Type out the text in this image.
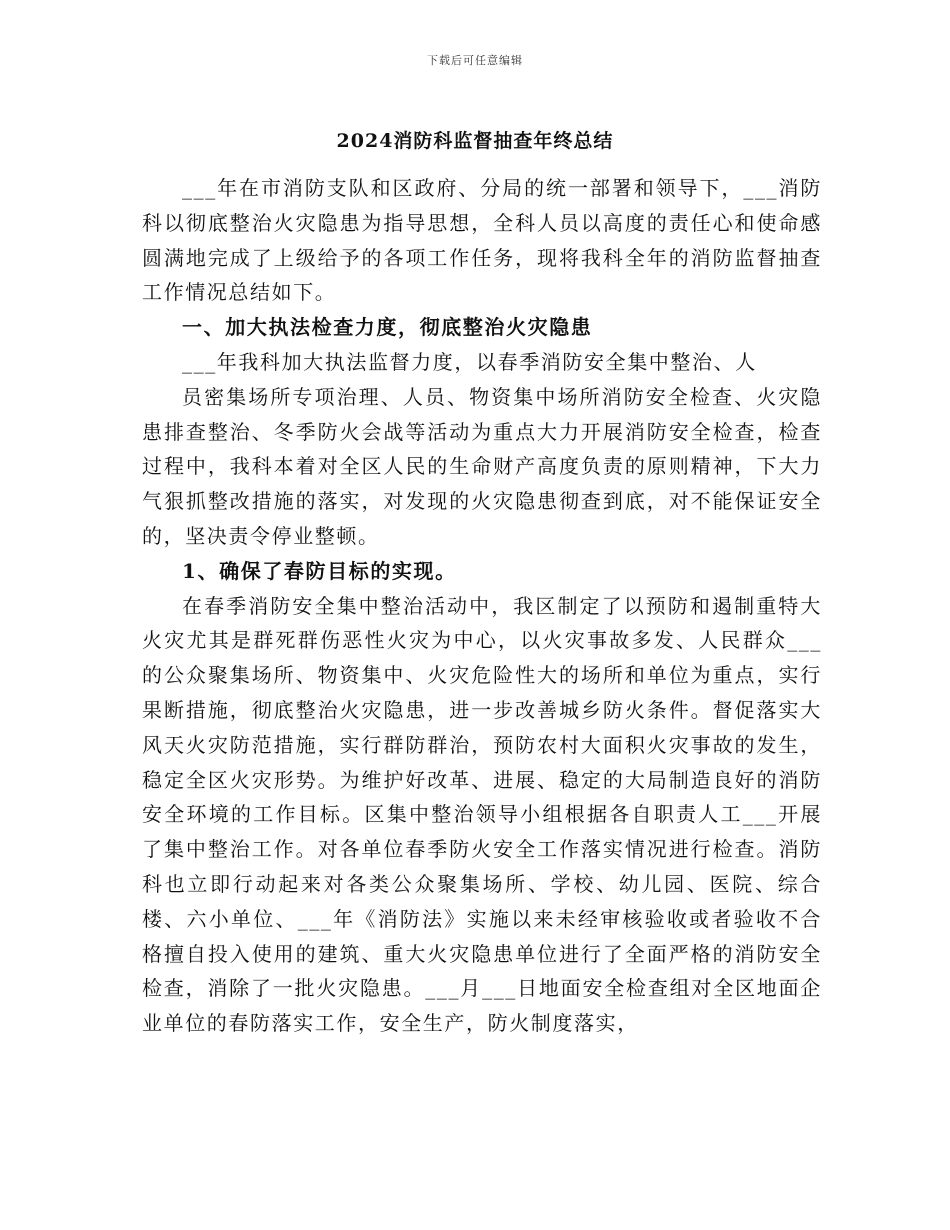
下载后可任意编辑
2024消防科监督抽查年终总结

___年在市消防支队和区政府、分局的统一部署和领导下，___消防科以彻底整治火灾隐患为指导思想，全科人员以高度的责任心和使命感圆满地完成了上级给予的各项工作任务，现将我科全年的消防监督抽查工作情况总结如下。

一、加大执法检查力度，彻底整治火灾隐患

___年我科加大执法监督力度，以春季消防安全集中整治、人

员密集场所专项治理、人员、物资集中场所消防安全检查、火灾隐患排查整治、冬季防火会战等活动为重点大力开展消防安全检查，检查过程中，我科本着对全区人民的生命财产高度负责的原则精神，下大力气狠抓整改措施的落实，对发现的火灾隐患彻查到底，对不能保证安全的，坚决责令停业整顿。

1、确保了春防目标的实现。

在春季消防安全集中整治活动中，我区制定了以预防和遏制重特大火灾尤其是群死群伤恶性火灾为中心，以火灾事故多发、人民群众___的公众聚集场所、物资集中、火灾危险性大的场所和单位为重点，实行果断措施，彻底整治火灾隐患，进一步改善城乡防火条件。督促落实大风天火灾防范措施，实行群防群治，预防农村大面积火灾事故的发生，稳定全区火灾形势。为维护好改革、进展、稳定的大局制造良好的消防安全环境的工作目标。区集中整治领导小组根据各自职责人工___开展了集中整治工作。对各单位春季防火安全工作落实情况进行检查。消防科也立即行动起来对各类公众聚集场所、学校、幼儿园、医院、综合楼、六小单位、___年《消防法》实施以来未经审核验收或者验收不合格擅自投入使用的建筑、重大火灾隐患单位进行了全面严格的消防安全检查，消除了一批火灾隐患。___月___日地面安全检查组对全区地面企业单位的春防落实工作，安全生产，防火制度落实，
